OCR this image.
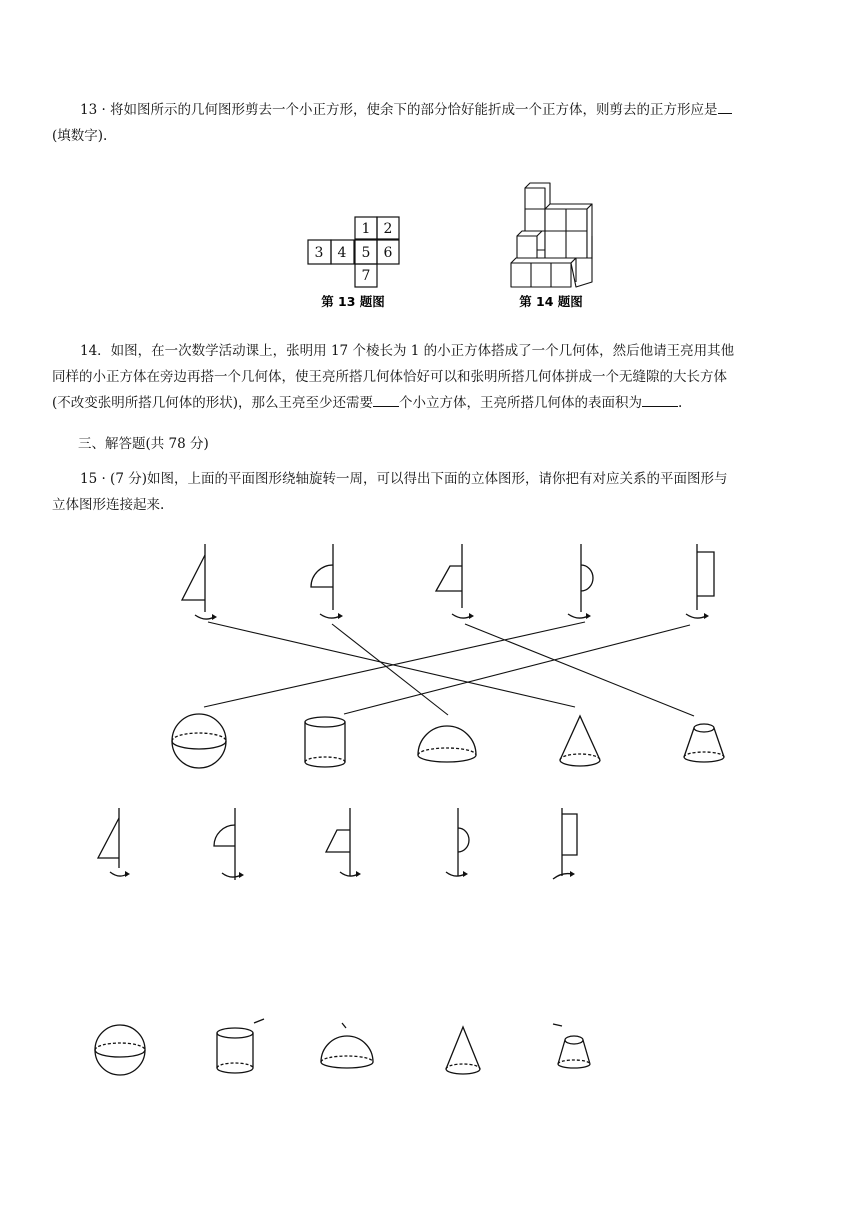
13 · 将如图所示的几何图形剪去一个小正方形，使余下的部分恰好能折成一个正方体，则剪去的正方形应是
(填数字).
1 2
3 4 5 6
7
第 13 题图	第 14 题图
14．如图，在一次数学活动课上，张明用 17 个棱长为 1 的小正方体搭成了一个几何体，然后他请王亮用其他
同样的小正方体在旁边再搭一个几何体，使王亮所搭几何体恰好可以和张明所搭几何体拼成一个无缝隙的大长方体
(不改变张明所搭几何体的形状)，那么王亮至少还需要 个小立方体，王亮所搭几何体的表面积为	.
三、解答题(共 78 分)
15 · (7 分)如图，上面的平面图形绕轴旋转一周，可以得出下面的立体图形，请你把有对应关系的平面图形与
立体图形连接起来.
